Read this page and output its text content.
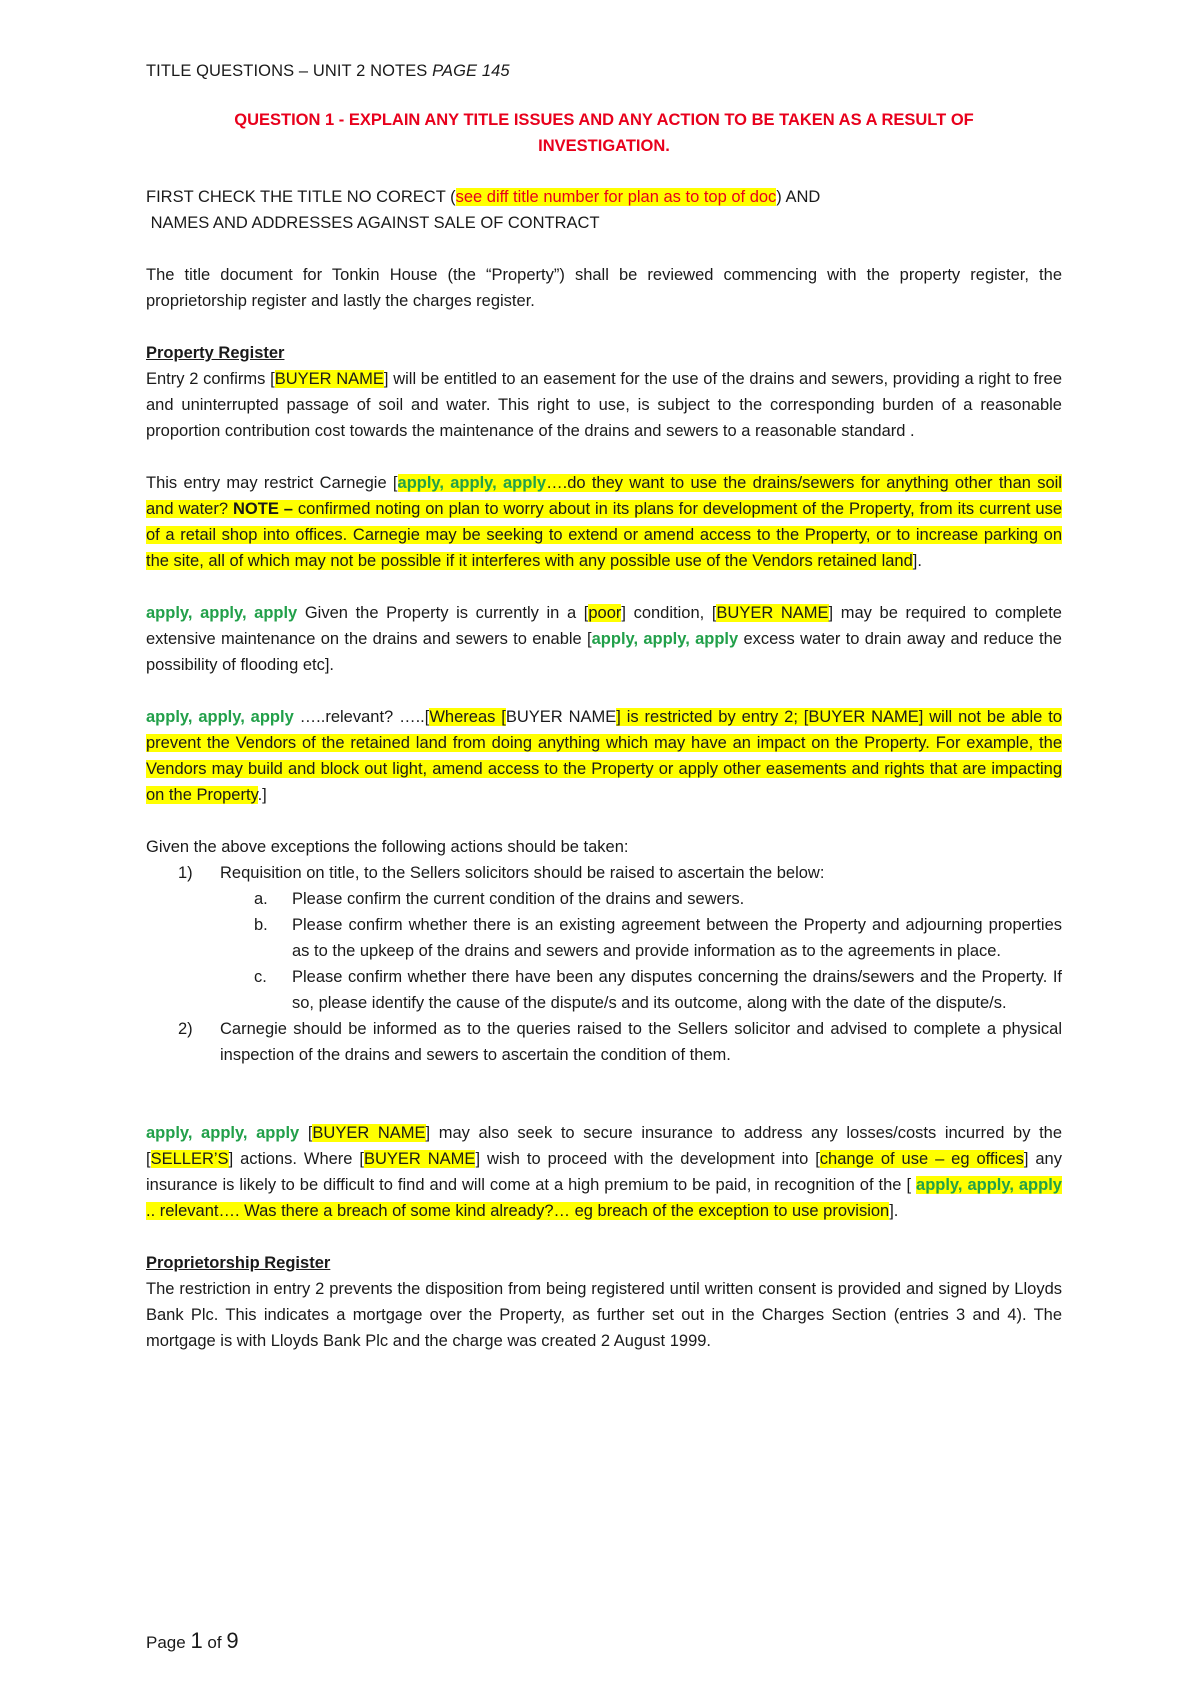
TITLE QUESTIONS – UNIT 2 NOTES PAGE 145

QUESTION 1 - EXPLAIN ANY TITLE ISSUES AND ANY ACTION TO BE TAKEN AS A RESULT OF
INVESTIGATION.

FIRST CHECK THE TITLE NO CORECT (see diff title number for plan as to top of doc) AND

NAMES AND ADDRESSES AGAINST SALE OF CONTRACT

The title document for Tonkin House (the “Property”) shall be reviewed commencing with the property register, the proprietorship register and lastly the charges register.

Property Register

Entry 2 confirms [BUYER NAME] will be entitled to an easement for the use of the drains and sewers, providing a right to free and uninterrupted passage of soil and water. This right to use, is subject to the corresponding burden of a reasonable proportion contribution cost towards the maintenance of the drains and sewers to a reasonable standard .

This entry may restrict Carnegie [apply, apply, apply….do they want to use the drains/sewers for anything other than soil and water? NOTE – confirmed noting on plan to worry about in its plans for development of the Property, from its current use of a retail shop into offices. Carnegie may be seeking to extend or amend access to the Property, or to increase parking on the site, all of which may not be possible if it interferes with any possible use of the Vendors retained land].

apply, apply, apply Given the Property is currently in a [poor] condition, [BUYER NAME] may be required to complete extensive maintenance on the drains and sewers to enable [apply, apply, apply excess water to drain away and reduce the possibility of flooding etc].

apply, apply, apply …..relevant? …..[Whereas [BUYER NAME] is restricted by entry 2; [BUYER NAME] will not be able to prevent the Vendors of the retained land from doing anything which may have an impact on the Property. For example, the Vendors may build and block out light, amend access to the Property or apply other easements and rights that are impacting on the Property.]

Given the above exceptions the following actions should be taken:

1) Requisition on title, to the Sellers solicitors should be raised to ascertain the below:
a. Please confirm the current condition of the drains and sewers.
b. Please confirm whether there is an existing agreement between the Property and adjourning properties as to the upkeep of the drains and sewers and provide information as to the agreements in place.
c. Please confirm whether there have been any disputes concerning the drains/sewers and the Property. If so, please identify the cause of the dispute/s and its outcome, along with the date of the dispute/s.
2) Carnegie should be informed as to the queries raised to the Sellers solicitor and advised to complete a physical inspection of the drains and sewers to ascertain the condition of them.

apply, apply, apply [BUYER NAME] may also seek to secure insurance to address any losses/costs incurred by the [SELLER’S] actions. Where [BUYER NAME] wish to proceed with the development into [change of use – eg offices] any insurance is likely to be difficult to find and will come at a high premium to be paid, in recognition of the [ apply, apply, apply .. relevant…. Was there a breach of some kind already?… eg breach of the exception to use provision].

Proprietorship Register

The restriction in entry 2 prevents the disposition from being registered until written consent is provided and signed by Lloyds Bank Plc. This indicates a mortgage over the Property, as further set out in the Charges Section (entries 3 and 4). The mortgage is with Lloyds Bank Plc and the charge was created 2 August 1999.

Page 1 of 9
